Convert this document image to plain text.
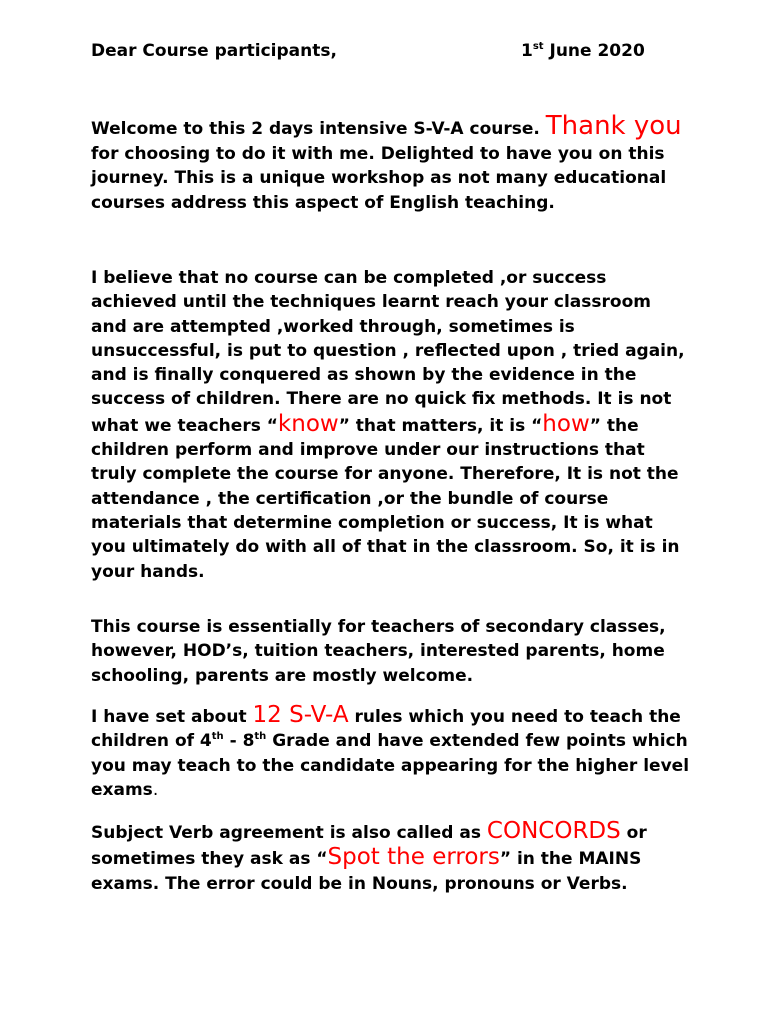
Dear Course participants,	1st June 2020
Welcome to this 2 days intensive S-V-A course. Thank you for choosing to do it with me. Delighted to have you on this journey. This is a unique workshop as not many educational courses address this aspect of English teaching.
I believe that no course can be completed ,or success achieved until the techniques learnt reach your classroom and are attempted ,worked through, sometimes is unsuccessful, is put to question , reflected upon , tried again, and is finally conquered as shown by the evidence in the success of children. There are no quick fix methods. It is not what we teachers “know” that matters, it is “how” the children perform and improve under our instructions that truly complete the course for anyone. Therefore, It is not the attendance , the certification ,or the bundle of course materials that determine completion or success, It is what you ultimately do with all of that in the classroom. So, it is in your hands.
This course is essentially for teachers of secondary classes, however, HOD’s, tuition teachers, interested parents, home schooling, parents are mostly welcome.
I have set about 12 S-V-A rules which you need to teach the children of 4th - 8th Grade and have extended few points which you may teach to the candidate appearing for the higher level exams.
Subject Verb agreement is also called as CONCORDS or sometimes they ask as “Spot the errors” in the MAINS exams. The error could be in Nouns, pronouns or Verbs.
